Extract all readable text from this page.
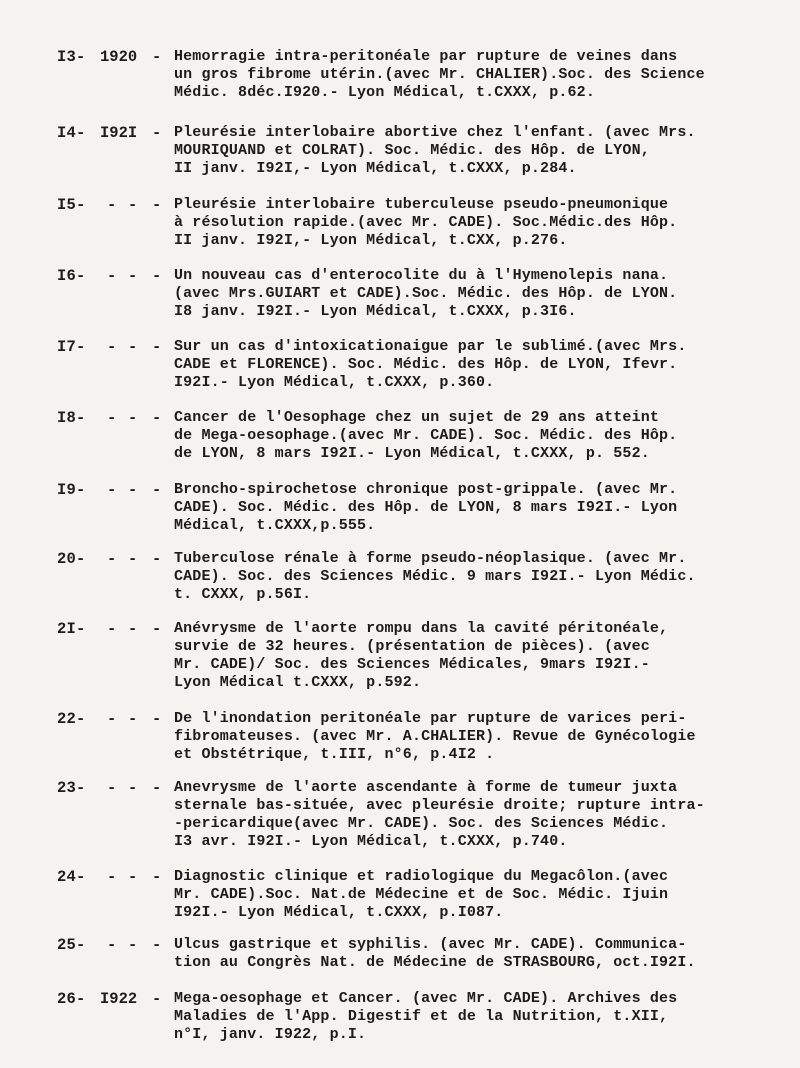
I3- 1920 - Hemorragie intra-peritonéale par rupture de veines dans
un gros fibrome utérin.(avec Mr. CHALIER).Soc. des Science
Médic. 8déc.I920.- Lyon Médical, t.CXXX, p.62.
I4- I92I - Pleurésie interlobaire abortive chez l'enfant. (avec Mrs.
MOURIQUAND et COLRAT). Soc. Médic. des Hôp. de LYON,
II janv. I92I,- Lyon Médical, t.CXXX, p.284.
I5- - - - Pleurésie interlobaire tuberculeuse pseudo-pneumonique
à résolution rapide.(avec Mr. CADE). Soc.Médic.des Hôp.
II janv. I92I,- Lyon Médical, t.CXX, p.276.
I6- - - - Un nouveau cas d'enterocolite du à l'Hymenolepis nana.
(avec Mrs.GUIART et CADE).Soc. Médic. des Hôp. de LYON.
I8 janv. I92I.- Lyon Médical, t.CXXX, p.3I6.
I7- - - - Sur un cas d'intoxicationaigue par le sublimé.(avec Mrs.
CADE et FLORENCE). Soc. Médic. des Hôp. de LYON, Ifevr.
I92I.- Lyon Médical, t.CXXX, p.360.
I8- - - - Cancer de l'Oesophage chez un sujet de 29 ans atteint
de Mega-oesophage.(avec Mr. CADE). Soc. Médic. des Hôp.
de LYON, 8 mars I92I.- Lyon Médical, t.CXXX, p. 552.
I9- - - - Broncho-spirochetose chronique post-grippale. (avec Mr.
CADE). Soc. Médic. des Hôp. de LYON, 8 mars I92I.- Lyon
Médical, t.CXXX,p.555.
20- - - - Tuberculose rénale à forme pseudo-néoplasique. (avec Mr.
CADE). Soc. des Sciences Médic. 9 mars I92I.- Lyon Médic.
t. CXXX, p.56I.
2I- - - - Anévrysme de l'aorte rompu dans la cavité péritonéale,
survie de 32 heures. (présentation de pièces). (avec
Mr. CADE)/ Soc. des Sciences Médicales, 9mars I92I.-
Lyon Médical t.CXXX, p.592.
22- - - - De l'inondation peritonéale par rupture de varices peri-
fibromateuses. (avec Mr. A.CHALIER). Revue de Gynécologie
et Obstétrique, t.III, n°6, p.4I2 .
23- - - - Anevrysme de l'aorte ascendante à forme de tumeur juxta
sternale bas-située, avec pleurésie droite; rupture intra-
-pericardique(avec Mr. CADE). Soc. des Sciences Médic.
I3 avr. I92I.- Lyon Médical, t.CXXX, p.740.
24- - - - Diagnostic clinique et radiologique du Megacôlon.(avec
Mr. CADE).Soc. Nat.de Médecine et de Soc. Médic. Ijuin
I92I.- Lyon Médical, t.CXXX, p.I087.
25- - - - Ulcus gastrique et syphilis. (avec Mr. CADE). Communica-
tion au Congrès Nat. de Médecine de STRASBOURG, oct.I92I.
26- I922 - Mega-oesophage et Cancer. (avec Mr. CADE). Archives des
Maladies de l'App. Digestif et de la Nutrition, t.XII,
n°I, janv. I922, p.I.
